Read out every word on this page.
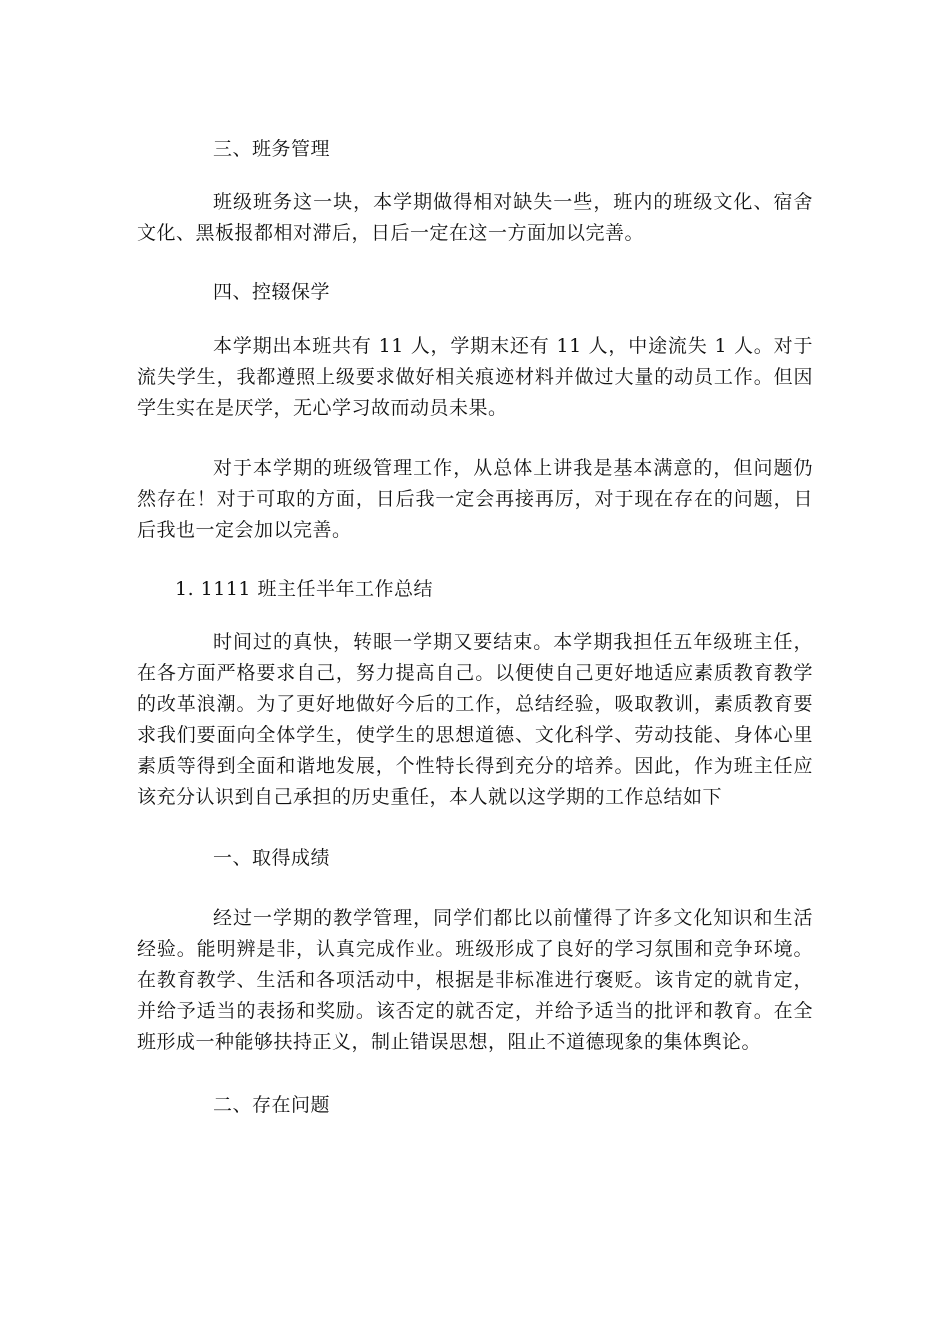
三、班务管理

班级班务这一块，本学期做得相对缺失一些，班内的班级文化、宿舍文化、黑板报都相对滞后，日后一定在这一方面加以完善。

四、控辍保学

本学期出本班共有 11 人，学期末还有 11 人，中途流失 1 人。对于流失学生，我都遵照上级要求做好相关痕迹材料并做过大量的动员工作。但因学生实在是厌学，无心学习故而动员未果。

对于本学期的班级管理工作，从总体上讲我是基本满意的，但问题仍然存在！对于可取的方面，日后我一定会再接再厉，对于现在存在的问题，日后我也一定会加以完善。

1. 1111 班主任半年工作总结

时间过的真快，转眼一学期又要结束。本学期我担任五年级班主任，在各方面严格要求自己，努力提高自己。以便使自己更好地适应素质教育教学的改革浪潮。为了更好地做好今后的工作，总结经验，吸取教训，素质教育要求我们要面向全体学生，使学生的思想道德、文化科学、劳动技能、身体心里素质等得到全面和谐地发展，个性特长得到充分的培养。因此，作为班主任应该充分认识到自己承担的历史重任，本人就以这学期的工作总结如下

一、取得成绩

经过一学期的教学管理，同学们都比以前懂得了许多文化知识和生活经验。能明辨是非，认真完成作业。班级形成了良好的学习氛围和竞争环境。在教育教学、生活和各项活动中，根据是非标准进行褒贬。该肯定的就肯定，并给予适当的表扬和奖励。该否定的就否定，并给予适当的批评和教育。在全班形成一种能够扶持正义，制止错误思想，阻止不道德现象的集体舆论。

二、存在问题
